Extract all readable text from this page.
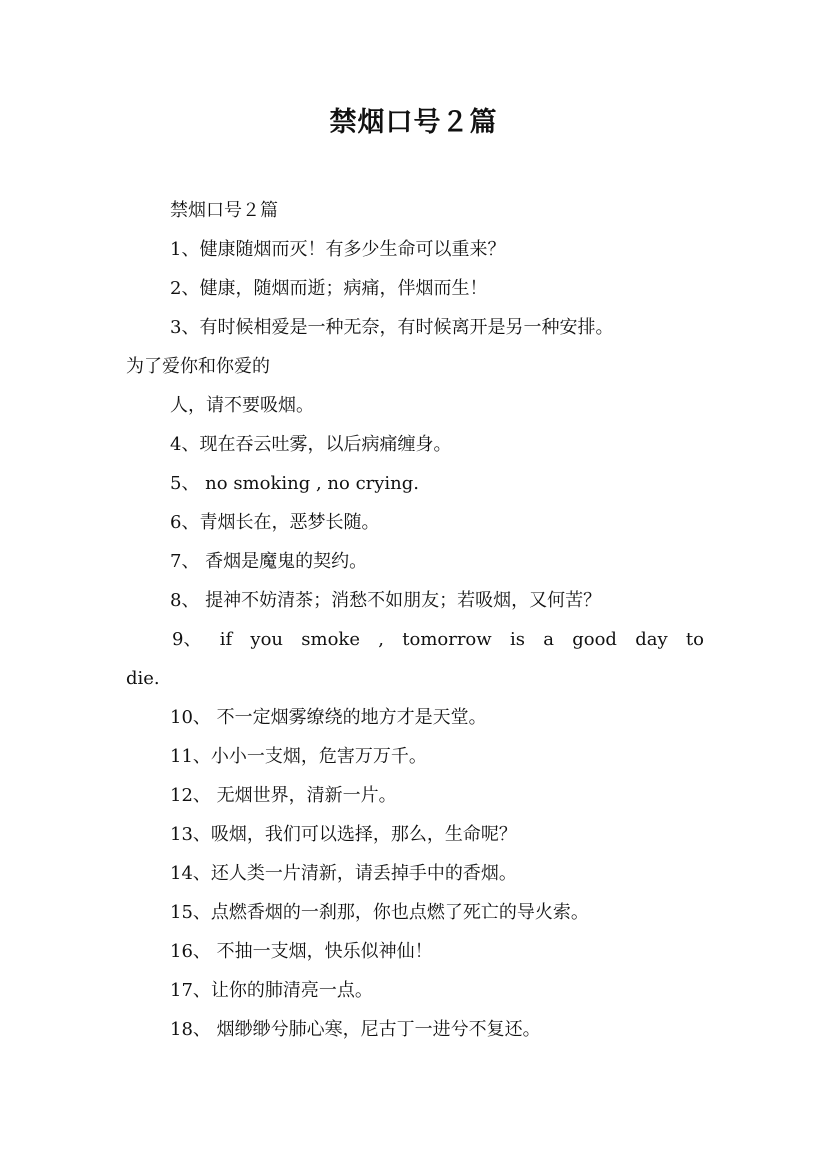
禁烟口号２篇
禁烟口号２篇
1、健康随烟而灭！有多少生命可以重来？
2、健康，随烟而逝；病痛，伴烟而生！
3、有时候相爱是一种无奈，有时候离开是另一种安排。
为了爱你和你爱的
人，请不要吸烟。
4、现在吞云吐雾，以后病痛缠身。
5、 no smoking , no crying.
6、青烟长在，恶梦长随。
7、 香烟是魔鬼的契约。
8、 提神不妨清茶；消愁不如朋友；若吸烟，又何苦？
9、 if you smoke , tomorrow is a good day to
die.
10、 不一定烟雾缭绕的地方才是天堂。
11、小小一支烟，危害万万千。
12、 无烟世界，清新一片。
13、吸烟，我们可以选择，那么，生命呢？
14、还人类一片清新，请丢掉手中的香烟。
15、点燃香烟的一刹那，你也点燃了死亡的导火索。
16、 不抽一支烟，快乐似神仙！
17、让你的肺清亮一点。
18、 烟缈缈兮肺心寒，尼古丁一进兮不复还。
